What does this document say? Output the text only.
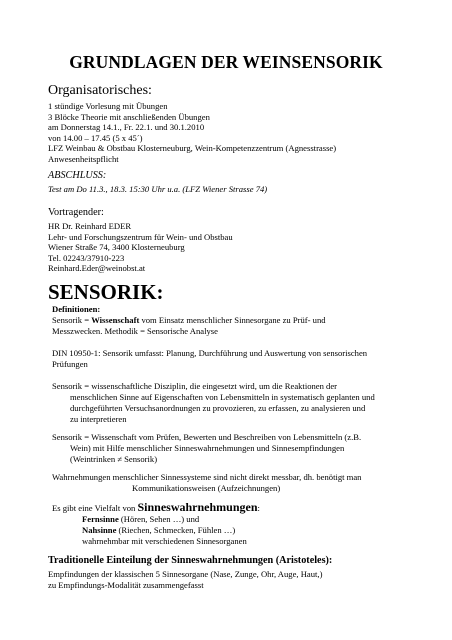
GRUNDLAGEN DER WEINSENSORIK
Organisatorisches:
1 stündige Vorlesung mit Übungen
3 Blöcke Theorie mit anschließenden Übungen
am Donnerstag 14.1., Fr. 22.1. und 30.1.2010
von 14.00 – 17.45 (5 x 45´)
LFZ Weinbau & Obstbau Klosterneuburg, Wein-Kompetenzzentrum (Agnesstrasse)
Anwesenheitspflicht
ABSCHLUSS:
Test am Do 11.3., 18.3. 15:30 Uhr u.a. (LFZ Wiener Strasse 74)
Vortragender:
HR Dr. Reinhard EDER
Lehr- und Forschungszentrum für Wein- und Obstbau
Wiener Straße 74, 3400 Klosterneuburg
Tel. 02243/37910-223
Reinhard.Eder@weinobst.at
SENSORIK:
Definitionen:
Sensorik = Wissenschaft vom Einsatz menschlicher Sinnesorgane zu Prüf- und
Messzwecken. Methodik = Sensorische Analyse
DIN 10950-1: Sensorik umfasst: Planung, Durchführung und Auswertung von sensorischen
Prüfungen
Sensorik = wissenschaftliche Disziplin, die eingesetzt wird, um die Reaktionen der
menschlichen Sinne auf Eigenschaften von Lebensmitteln in systematisch geplanten und
durchgeführten Versuchsanordnungen zu provozieren, zu erfassen, zu analysieren und
zu interpretieren
Sensorik = Wissenschaft vom Prüfen, Bewerten und Beschreiben von Lebensmitteln (z.B.
Wein) mit Hilfe menschlicher Sinneswahrnehmungen und Sinnesempfindungen
(Weintrinken ≠ Sensorik)
Wahrnehmungen menschlicher Sinnessysteme sind nicht direkt messbar, dh. benötigt man
Kommunikationsweisen (Aufzeichnungen)
Es gibt eine Vielfalt von Sinneswahrnehmungen:
Fernsinne (Hören, Sehen …) und
Nahsinne (Riechen, Schmecken, Fühlen …)
wahrnehmbar mit verschiedenen Sinnesorganen
Traditionelle Einteilung der Sinneswahrnehmungen (Aristoteles):
Empfindungen der klassischen 5 Sinnesorgane (Nase, Zunge, Ohr, Auge, Haut,)
zu Empfindungs-Modalität zusammengefasst
